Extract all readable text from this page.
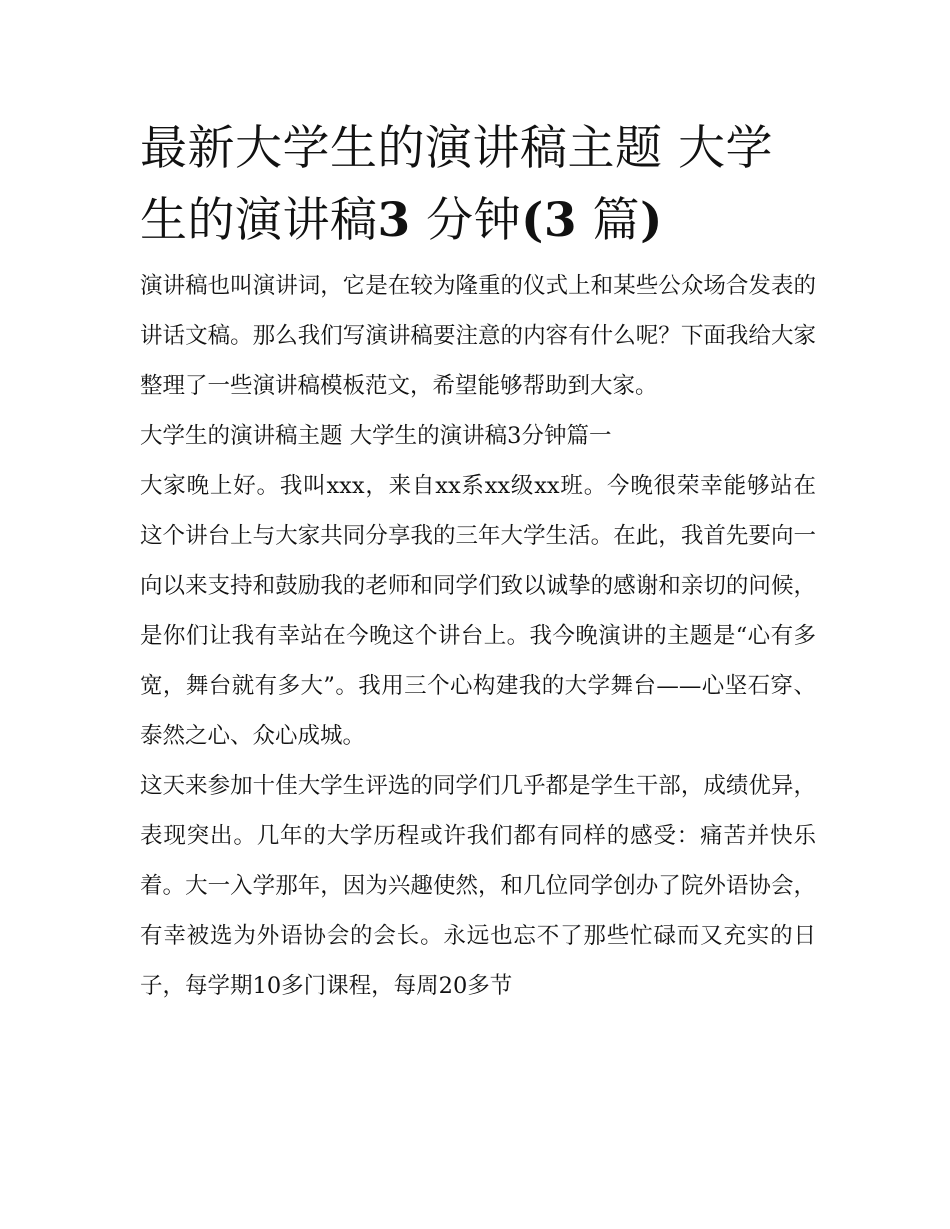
最新大学生的演讲稿主题 大学
生的演讲稿3 分钟(3 篇)

演讲稿也叫演讲词，它是在较为隆重的仪式上和某些公众场合发表的讲话文稿。那么我们写演讲稿要注意的内容有什么呢？下面我给大家整理了一些演讲稿模板范文，希望能够帮助到大家。

大学生的演讲稿主题 大学生的演讲稿3分钟篇一

大家晚上好。我叫xxx，来自xx系xx级xx班。今晚很荣幸能够站在这个讲台上与大家共同分享我的三年大学生活。在此，我首先要向一向以来支持和鼓励我的老师和同学们致以诚挚的感谢和亲切的问候，是你们让我有幸站在今晚这个讲台上。我今晚演讲的主题是“心有多宽，舞台就有多大”。我用三个心构建我的大学舞台——心坚石穿、泰然之心、众心成城。

这天来参加十佳大学生评选的同学们几乎都是学生干部，成绩优异，表现突出。几年的大学历程或许我们都有同样的感受：痛苦并快乐着。大一入学那年，因为兴趣使然，和几位同学创办了院外语协会，有幸被选为外语协会的会长。永远也忘不了那些忙碌而又充实的日子，每学期10多门课程，每周20多节
